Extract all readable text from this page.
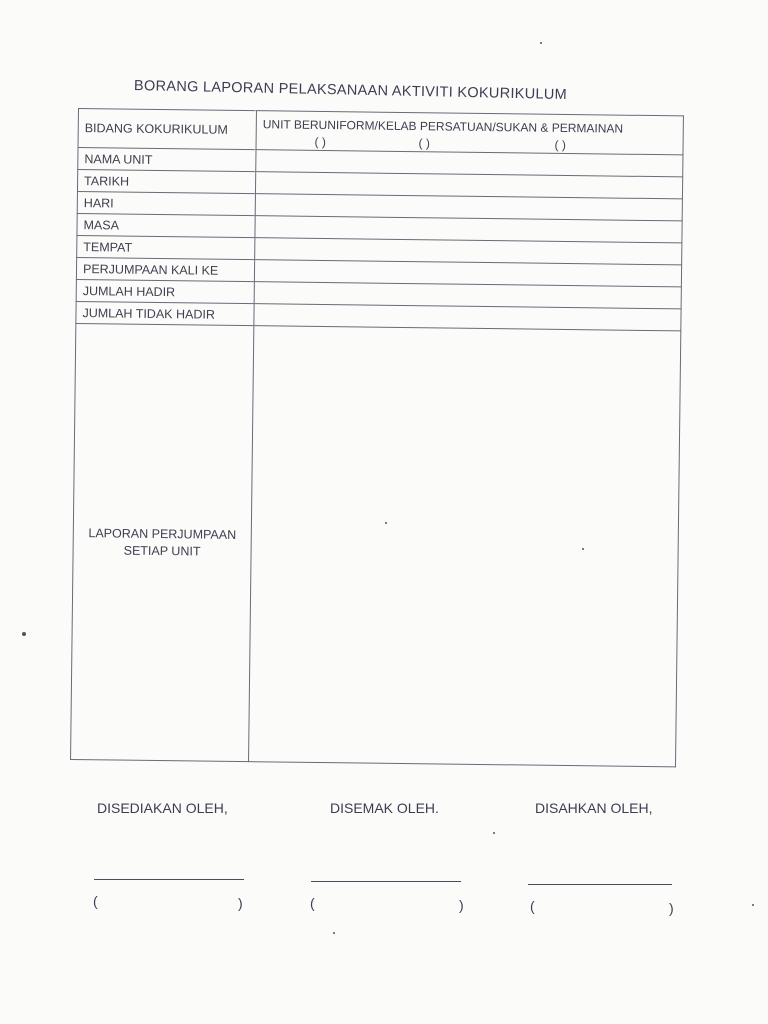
BORANG LAPORAN PELAKSANAAN AKTIVITI KOKURIKULUM
BIDANG KOKURIKULUM	UNIT BERUNIFORM/KELAB PERSATUAN/SUKAN & PERMAINAN
( ) ( ) ( )

NAMA UNIT	
TARIKH	
HARI	
MASA	
TEMPAT	
PERJUMPAAN KALI KE	
JUMLAH HADIR	
JUMLAH TIDAK HADIR	

LAPORAN PERJUMPAAN
SETIAP UNIT	

DISEDIAKAN OLEH,	DISEMAK OLEH.	DISAHKAN OLEH,
(	)	(	)	(	)
